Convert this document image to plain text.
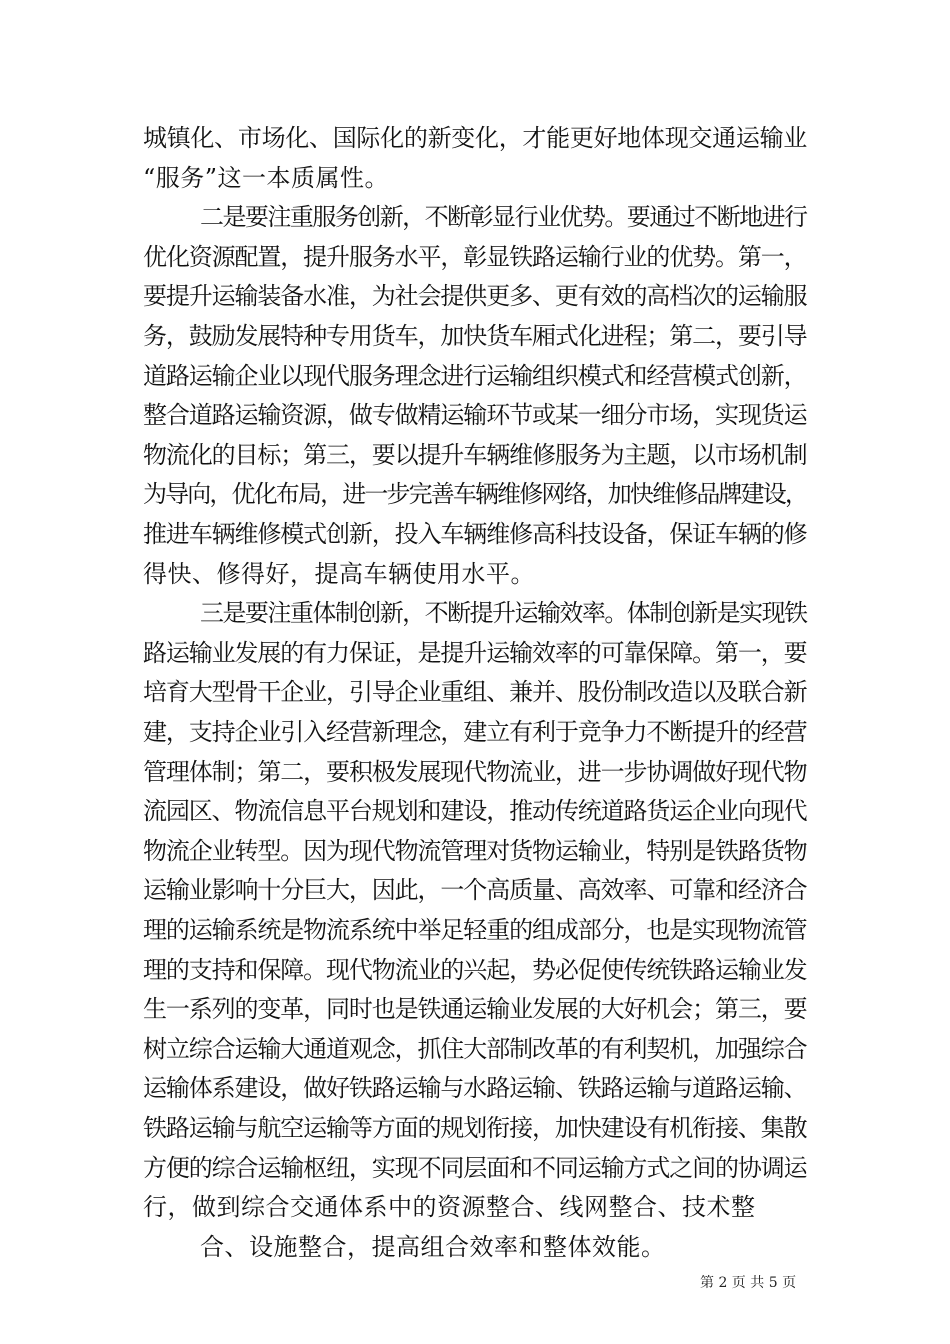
城镇化、市场化、国际化的新变化，才能更好地体现交通运输业
“服务”这一本质属性。
二是要注重服务创新，不断彰显行业优势。要通过不断地进行
优化资源配置，提升服务水平，彰显铁路运输行业的优势。第一，
要提升运输装备水准，为社会提供更多、更有效的高档次的运输服
务，鼓励发展特种专用货车，加快货车厢式化进程；第二，要引导
道路运输企业以现代服务理念进行运输组织模式和经营模式创新，
整合道路运输资源，做专做精运输环节或某一细分市场，实现货运
物流化的目标；第三，要以提升车辆维修服务为主题，以市场机制
为导向，优化布局，进一步完善车辆维修网络，加快维修品牌建设，
推进车辆维修模式创新，投入车辆维修高科技设备，保证车辆的修
得快、修得好，提高车辆使用水平。
三是要注重体制创新，不断提升运输效率。体制创新是实现铁
路运输业发展的有力保证，是提升运输效率的可靠保障。第一，要
培育大型骨干企业，引导企业重组、兼并、股份制改造以及联合新
建，支持企业引入经营新理念，建立有利于竞争力不断提升的经营
管理体制；第二，要积极发展现代物流业，进一步协调做好现代物
流园区、物流信息平台规划和建设，推动传统道路货运企业向现代
物流企业转型。因为现代物流管理对货物运输业，特别是铁路货物
运输业影响十分巨大，因此，一个高质量、高效率、可靠和经济合
理的运输系统是物流系统中举足轻重的组成部分，也是实现物流管
理的支持和保障。现代物流业的兴起，势必促使传统铁路运输业发
生一系列的变革，同时也是铁通运输业发展的大好机会；第三，要
树立综合运输大通道观念，抓住大部制改革的有利契机，加强综合
运输体系建设，做好铁路运输与水路运输、铁路运输与道路运输、
铁路运输与航空运输等方面的规划衔接，加快建设有机衔接、集散
方便的综合运输枢纽，实现不同层面和不同运输方式之间的协调运
行，做到综合交通体系中的资源整合、线网整合、技术整
合、设施整合，提高组合效率和整体效能。
第 2 页 共 5 页
